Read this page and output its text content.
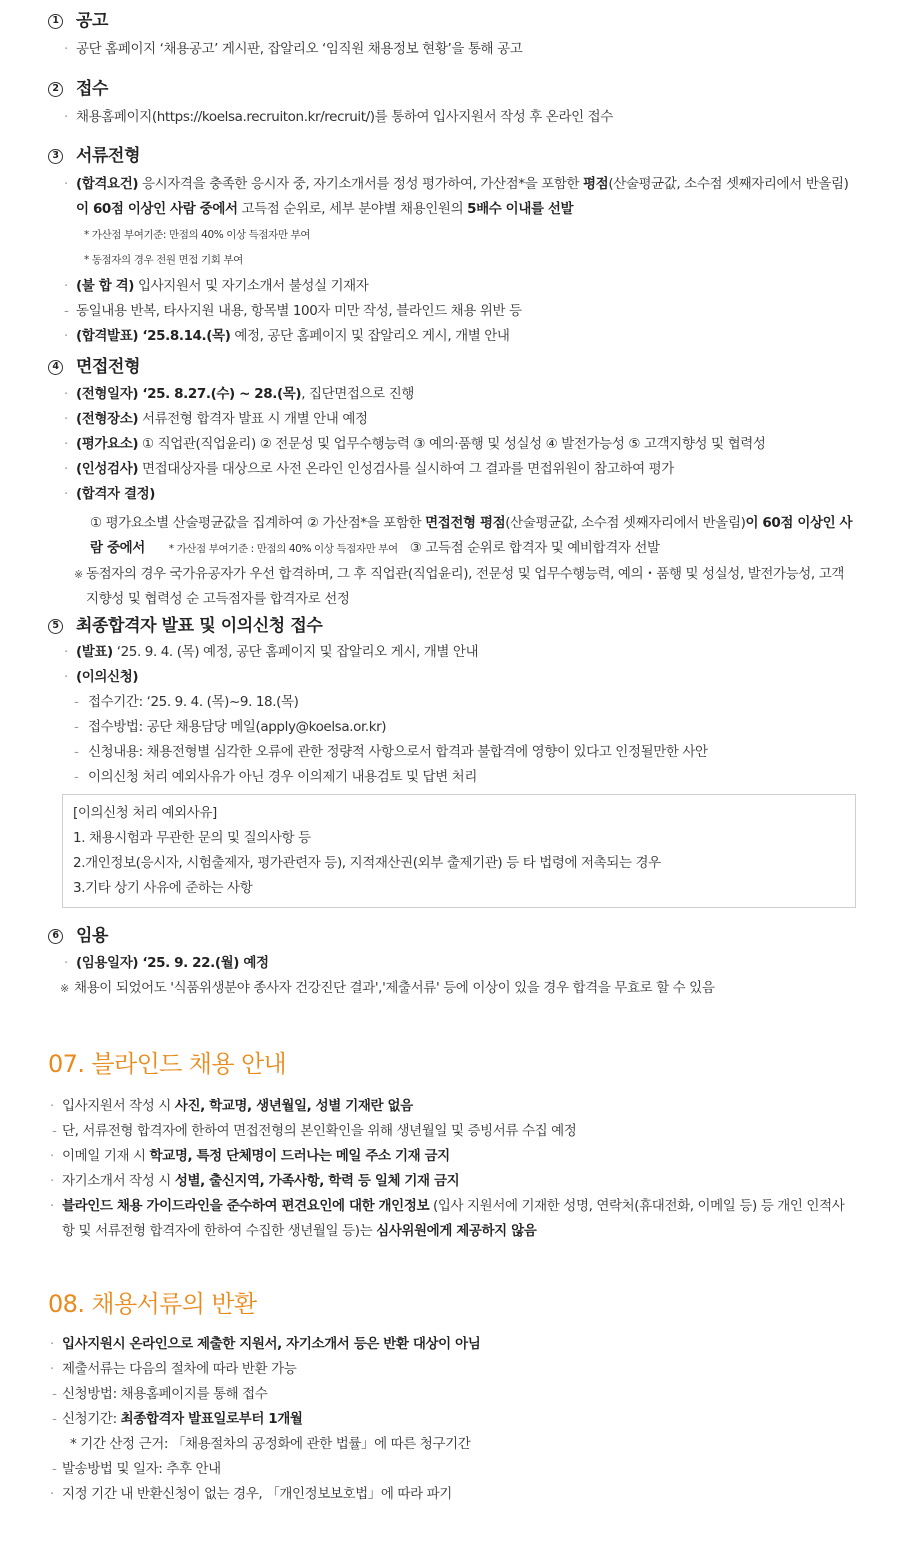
1 공고
· 공단 홈페이지 ‘채용공고’ 게시판, 잡알리오 ‘임직원 채용정보 현황’을 통해 공고
2 접수
· 채용홈페이지(https://koelsa.recruiton.kr/recruit/)를 통하여 입사지원서 작성 후 온라인 접수
3 서류전형
· (합격요건) 응시자격을 충족한 응시자 중, 자기소개서를 정성 평가하여, 가산점*을 포함한 평점(산술평균값, 소수점 셋째자리에서 반올림)이 60점 이상인 사람 중에서 고득점 순위로, 세부 분야별 채용인원의 5배수 이내를 선발
* 가산점 부여기준: 만점의 40% 이상 득점자만 부여
* 동점자의 경우 전원 면접 기회 부여
· (불 합 격) 입사지원서 및 자기소개서 불성실 기재자
- 동일내용 반복, 타사지원 내용, 항목별 100자 미만 작성, 블라인드 채용 위반 등
· (합격발표) ‘25.8.14.(목) 예정, 공단 홈페이지 및 잡알리오 게시, 개별 안내
4 면접전형
· (전형일자) ‘25. 8.27.(수) ~ 28.(목), 집단면접으로 진행
· (전형장소) 서류전형 합격자 발표 시 개별 안내 예정
· (평가요소) ① 직업관(직업윤리) ② 전문성 및 업무수행능력 ③ 예의·품행 및 성실성 ④ 발전가능성 ⑤ 고객지향성 및 협력성
· (인성검사) 면접대상자를 대상으로 사전 온라인 인성검사를 실시하여 그 결과를 면접위원이 참고하여 평가
· (합격자 결정)
① 평가요소별 산술평균값을 집계하여 ② 가산점*을 포함한 면접전형 평점(산술평균값, 소수점 셋째자리에서 반올림)이 60점 이상인 사람 중에서 * 가산점 부여기준 : 만점의 40% 이상 득점자만 부여 ③ 고득점 순위로 합격자 및 예비합격자 선발
※ 동점자의 경우 국가유공자가 우선 합격하며, 그 후 직업관(직업윤리), 전문성 및 업무수행능력, 예의・품행 및 성실성, 발전가능성, 고객지향성 및 협력성 순 고득점자를 합격자로 선정
5 최종합격자 발표 및 이의신청 접수
· (발표) ‘25. 9. 4. (목) 예정, 공단 홈페이지 및 잡알리오 게시, 개별 안내
· (이의신청)
- 접수기간: ‘25. 9. 4. (목)~9. 18.(목)
- 접수방법: 공단 채용담당 메일(apply@koelsa.or.kr)
- 신청내용: 채용전형별 심각한 오류에 관한 정량적 사항으로서 합격과 불합격에 영향이 있다고 인정될만한 사안
- 이의신청 처리 예외사유가 아닌 경우 이의제기 내용검토 및 답변 처리
[이의신청 처리 예외사유]
1. 채용시험과 무관한 문의 및 질의사항 등
2.개인정보(응시자, 시험출제자, 평가관련자 등), 지적재산권(외부 출제기관) 등 타 법령에 저촉되는 경우
3.기타 상기 사유에 준하는 사항
6 임용
· (임용일자) ‘25. 9. 22.(월) 예정
※ 채용이 되었어도 '식품위생분야 종사자 건강진단 결과','제출서류' 등에 이상이 있을 경우 합격을 무효로 할 수 있음
07. 블라인드 채용 안내
· 입사지원서 작성 시 사진, 학교명, 생년월일, 성별 기재란 없음
- 단, 서류전형 합격자에 한하여 면접전형의 본인확인을 위해 생년월일 및 증빙서류 수집 예정
· 이메일 기재 시 학교명, 특정 단체명이 드러나는 메일 주소 기재 금지
· 자기소개서 작성 시 성별, 출신지역, 가족사항, 학력 등 일체 기재 금지
· 블라인드 채용 가이드라인을 준수하여 편견요인에 대한 개인정보 (입사 지원서에 기재한 성명, 연락처(휴대전화, 이메일 등) 등 개인 인적사항 및 서류전형 합격자에 한하여 수집한 생년월일 등)는 심사위원에게 제공하지 않음
08. 채용서류의 반환
· 입사지원시 온라인으로 제출한 지원서, 자기소개서 등은 반환 대상이 아님
· 제출서류는 다음의 절차에 따라 반환 가능
- 신청방법: 채용홈페이지를 통해 접수
- 신청기간: 최종합격자 발표일로부터 1개월
* 기간 산정 근거: 「채용절차의 공정화에 관한 법률」에 따른 청구기간
- 발송방법 및 일자: 추후 안내
· 지정 기간 내 반환신청이 없는 경우, 「개인정보보호법」에 따라 파기
